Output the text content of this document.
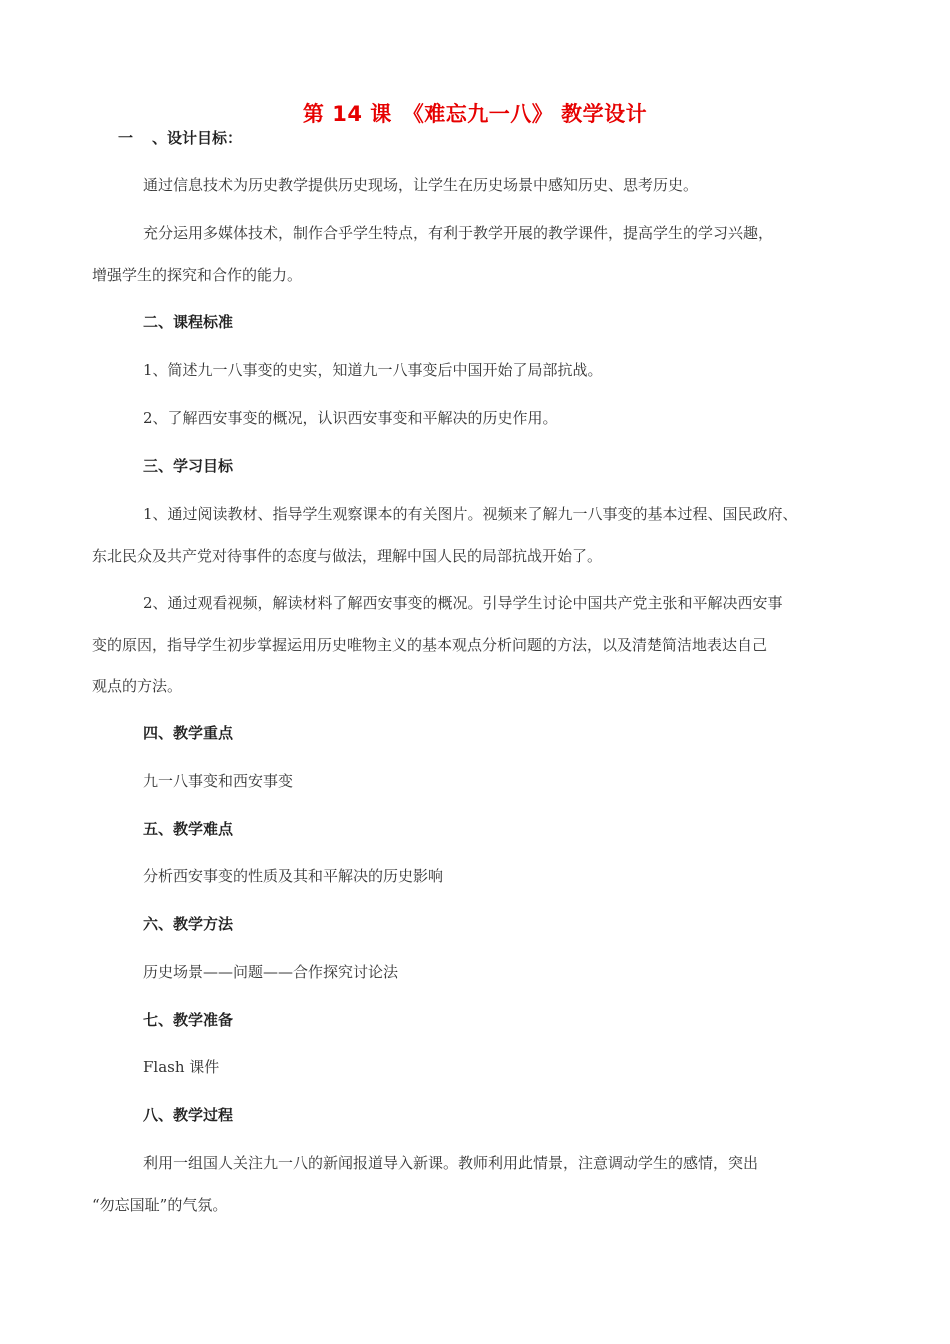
第 14 课　《难忘九一八》 教学设计
一 、设计目标：
通过信息技术为历史教学提供历史现场，让学生在历史场景中感知历史、思考历史。
充分运用多媒体技术，制作合乎学生特点，有利于教学开展的教学课件，提高学生的学习兴趣，
增强学生的探究和合作的能力。
二、课程标准
1、简述九一八事变的史实，知道九一八事变后中国开始了局部抗战。
2、了解西安事变的概况，认识西安事变和平解决的历史作用。
三、学习目标
1、通过阅读教材、指导学生观察课本的有关图片。视频来了解九一八事变的基本过程、国民政府、
东北民众及共产党对待事件的态度与做法，理解中国人民的局部抗战开始了。
2、通过观看视频，解读材料了解西安事变的概况。引导学生讨论中国共产党主张和平解决西安事
变的原因，指导学生初步掌握运用历史唯物主义的基本观点分析问题的方法，以及清楚简洁地表达自己
观点的方法。
四、教学重点
九一八事变和西安事变
五、教学难点
分析西安事变的性质及其和平解决的历史影响
六、教学方法
历史场景——问题——合作探究讨论法
七、教学准备
Flash 课件
八、教学过程
利用一组国人关注九一八的新闻报道导入新课。教师利用此情景，注意调动学生的感情，突出
“勿忘国耻”的气氛。
